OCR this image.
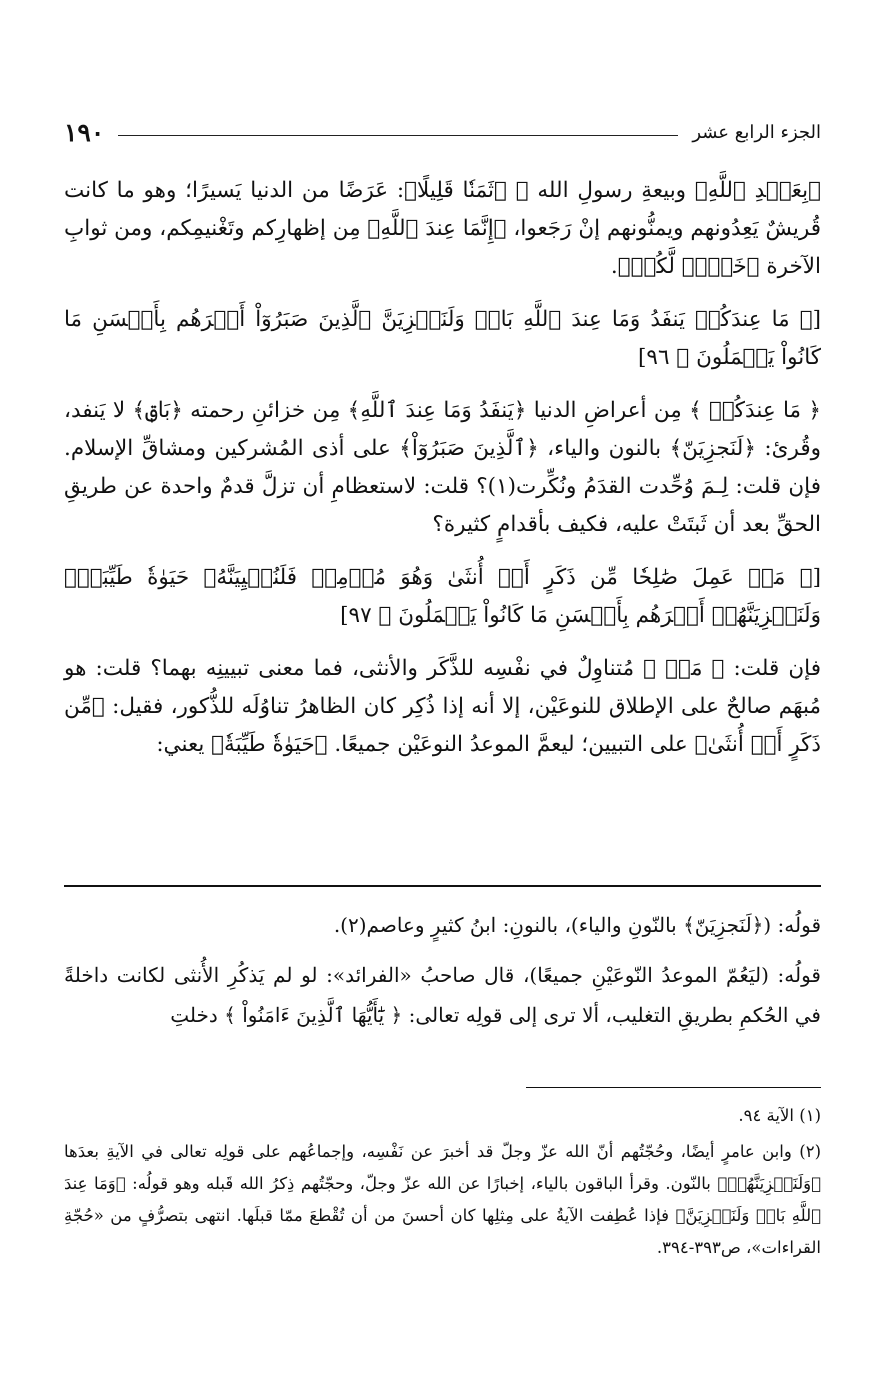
الجزء الرابع عشر
١٩٠

﴿بِعَهۡدِ ٱللَّهِ﴾ وبيعةِ رسولِ الله ﷺ ﴿ثَمَنٗا قَلِيلًا﴾: عَرَضًا من الدنيا يَسيرًا؛ وهو ما كانت قُريشٌ يَعِدُونهم ويمنُّونهم إنْ رَجَعوا، ﴿إِنَّمَا عِندَ ٱللَّهِ﴾ مِن إظهارِكم وتَغْنيمِكم، ومن ثوابِ الآخرة ﴿خَيۡرٞ لَّكُمۡ﴾.

[﴿ مَا عِندَكُمۡ يَنفَدُ وَمَا عِندَ ٱللَّهِ بَاقٖ وَلَنَجۡزِيَنَّ ٱلَّذِينَ صَبَرُوٓاْ أَجۡرَهُم بِأَحۡسَنِ مَا كَانُواْ يَعۡمَلُونَ ﴾ ٩٦]

﴿ مَا عِندَكُمۡ ﴾ مِن أعراضِ الدنيا ﴿يَنفَدُ وَمَا عِندَ ٱللَّهِ﴾ مِن خزائنِ رحمته ﴿بَاقٖ﴾ لا يَنفد، وقُرئ: ﴿لَنَجزِيَنّ﴾ بالنون والياء، ﴿ٱلَّذِينَ صَبَرُوٓاْ﴾ على أذى المُشركين ومشاقِّ الإسلام. فإن قلت: لِـمَ وُحِّدت القدَمُ ونُكِّرت(١)؟ قلت: لاستعظامِ أن تزلَّ قدمٌ واحدة عن طريقِ الحقِّ بعد أن ثَبتَتْ عليه، فكيف بأقدامٍ كثيرة؟

[﴿ مَنۡ عَمِلَ صَٰلِحٗا مِّن ذَكَرٍ أَوۡ أُنثَىٰ وَهُوَ مُؤۡمِنٞ فَلَنُحۡيِيَنَّهُۥ حَيَوٰةٗ طَيِّبَةٗۖ وَلَنَجۡزِيَنَّهُمۡ أَجۡرَهُم بِأَحۡسَنِ مَا كَانُواْ يَعۡمَلُونَ ﴾ ٩٧]

فإن قلت: ﴿ مَنۡ ﴾ مُتناوِلٌ في نفْسِه للذَّكَر والأنثى، فما معنى تبيينِه بهما؟ قلت: هو مُبهَم صالحٌ على الإطلاق للنوعَيْن، إلا أنه إذا ذُكِر كان الظاهرُ تناوُلَه للذُّكور، فقيل: ﴿مِّن ذَكَرٍ أَوۡ أُنثَىٰ﴾ على التبيين؛ ليعمَّ الموعدُ النوعَيْن جميعًا. ﴿حَيَوٰةٗ طَيِّبَةٗ﴾ يعني:

قولُه: (﴿لَنَجزِيَنّ﴾ بالنّونِ والياء)، بالنونِ: ابنُ كثيرٍ وعاصم(٢).

قولُه: (ليَعُمّ الموعدُ النّوعَيْنِ جميعًا)، قال صاحبُ «الفرائد»: لو لم يَذكُرِ الأُنثى لكانت داخلةً في الحُكمِ بطريقِ التغليب، ألا ترى إلى قولِه تعالى: ﴿ يَٰٓأَيُّهَا ٱلَّذِينَ ءَامَنُواْ ﴾ دخلتِ

(١) الآية ٩٤.

(٢) وابن عامرٍ أيضًا، وحُجّتُهم أنّ الله عزّ وجلّ قد أخبرَ عن نَفْسِه، وإجماعُهم على قولِه تعالى في الآيةِ بعدَها ﴿وَلَنَجۡزِيَنَّهُمۡ﴾ بالنّون. وقرأ الباقون بالياء، إخبارًا عن الله عزّ وجلّ، وحجّتُهم ذِكرُ الله قَبله وهو قولُه: ﴿وَمَا عِندَ ٱللَّهِ بَاقٖ وَلَنَجۡزِيَنَّ﴾ فإذا عُطِفت الآيةُ على مِثلِها كان أحسنَ من أن تُقْطعَ ممّا قبلَها. انتهى بتصرُّفٍ من «حُجّةِ القراءات»، ص٣٩٣-٣٩٤.
